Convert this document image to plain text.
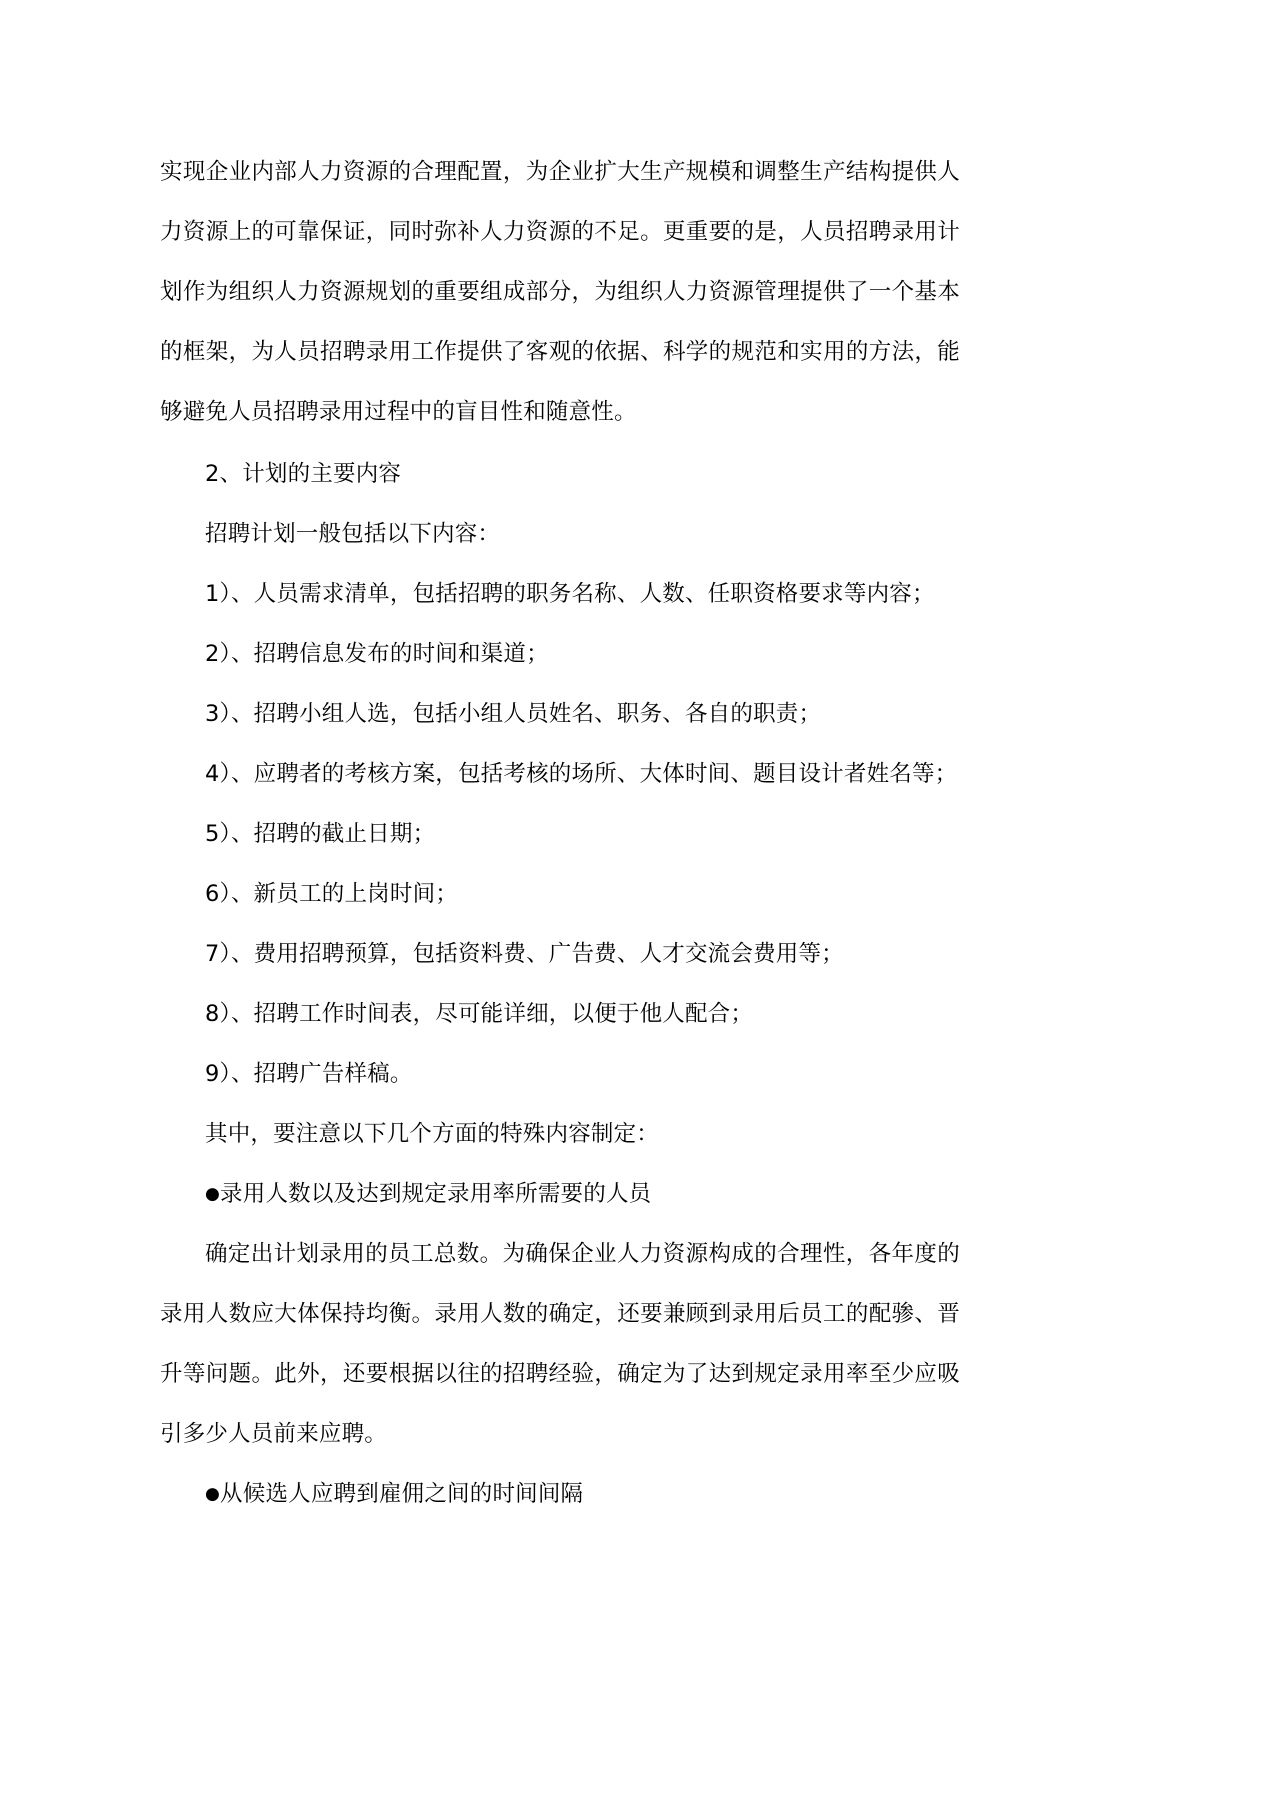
实现企业内部人力资源的合理配置，为企业扩大生产规模和调整生产结构提供人力资源上的可靠保证，同时弥补人力资源的不足。更重要的是，人员招聘录用计划作为组织人力资源规划的重要组成部分，为组织人力资源管理提供了一个基本的框架，为人员招聘录用工作提供了客观的依据、科学的规范和实用的方法，能够避免人员招聘录用过程中的盲目性和随意性。

2、计划的主要内容
招聘计划一般包括以下内容：
1）、人员需求清单，包括招聘的职务名称、人数、任职资格要求等内容；
2）、招聘信息发布的时间和渠道；
3）、招聘小组人选，包括小组人员姓名、职务、各自的职责；
4）、应聘者的考核方案，包括考核的场所、大体时间、题目设计者姓名等；
5）、招聘的截止日期；
6）、新员工的上岗时间；
7）、费用招聘预算，包括资料费、广告费、人才交流会费用等；
8）、招聘工作时间表，尽可能详细，以便于他人配合；
9）、招聘广告样稿。
其中，要注意以下几个方面的特殊内容制定：
●录用人数以及达到规定录用率所需要的人员

确定出计划录用的员工总数。为确保企业人力资源构成的合理性，各年度的录用人数应大体保持均衡。录用人数的确定，还要兼顾到录用后员工的配骖、晋升等问题。此外，还要根据以往的招聘经验，确定为了达到规定录用率至少应吸引多少人员前来应聘。

●从候选人应聘到雇佣之间的时间间隔
